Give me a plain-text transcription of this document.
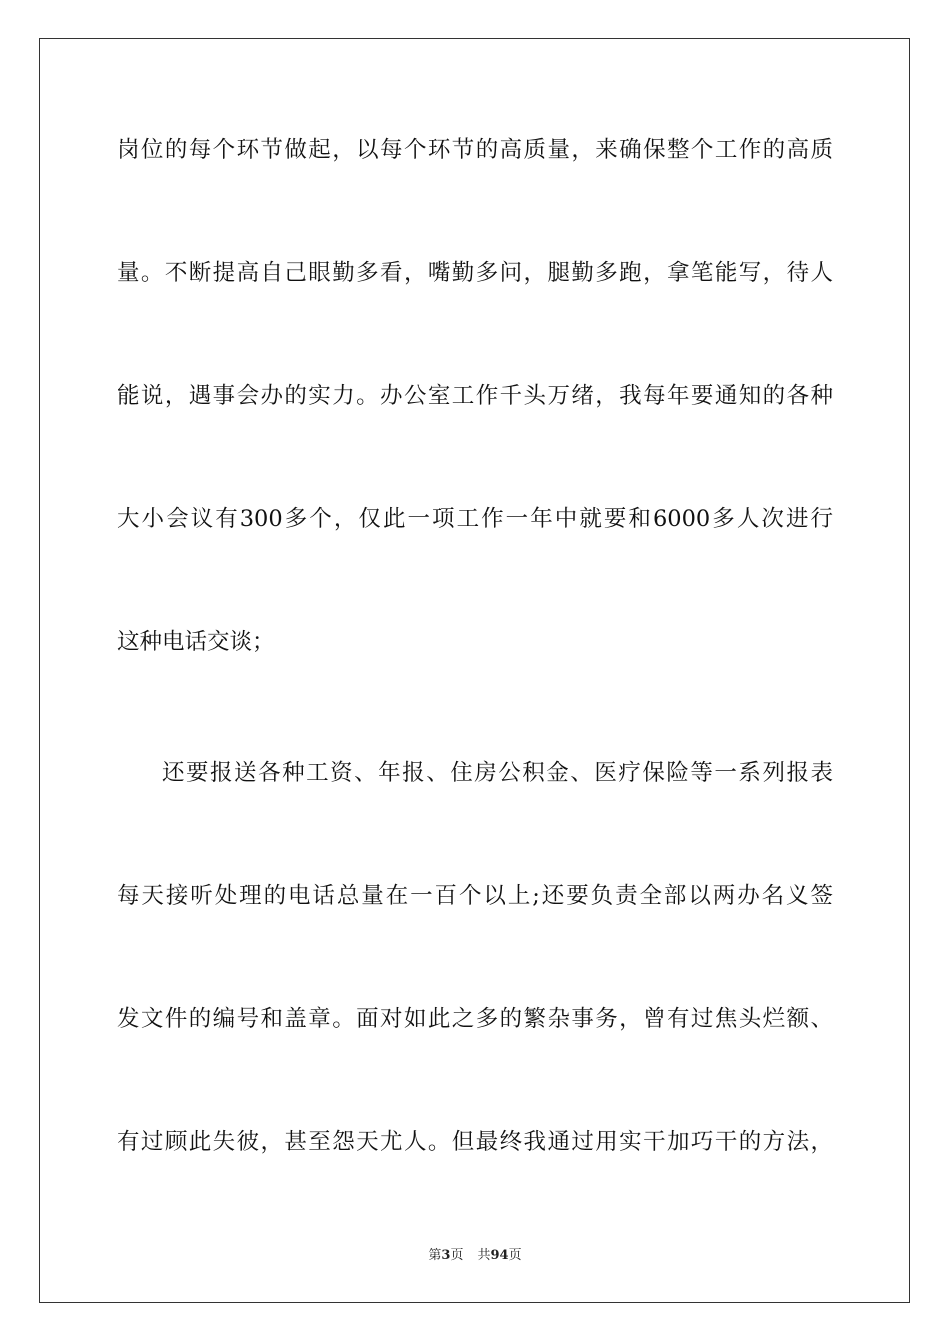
岗位的每个环节做起，以每个环节的高质量，来确保整个工作的高质
量。不断提高自己眼勤多看，嘴勤多问，腿勤多跑，拿笔能写，待人
能说，遇事会办的实力。办公室工作千头万绪，我每年要通知的各种
大小会议有300多个，仅此一项工作一年中就要和6000多人次进行
这种电话交谈；
还要报送各种工资、年报、住房公积金、医疗保险等一系列报表
每天接听处理的电话总量在一百个以上;还要负责全部以两办名义签
发文件的编号和盖章。面对如此之多的繁杂事务，曾有过焦头烂额、
有过顾此失彼，甚至怨天尤人。但最终我通过用实干加巧干的方法，
第3页 共94页
